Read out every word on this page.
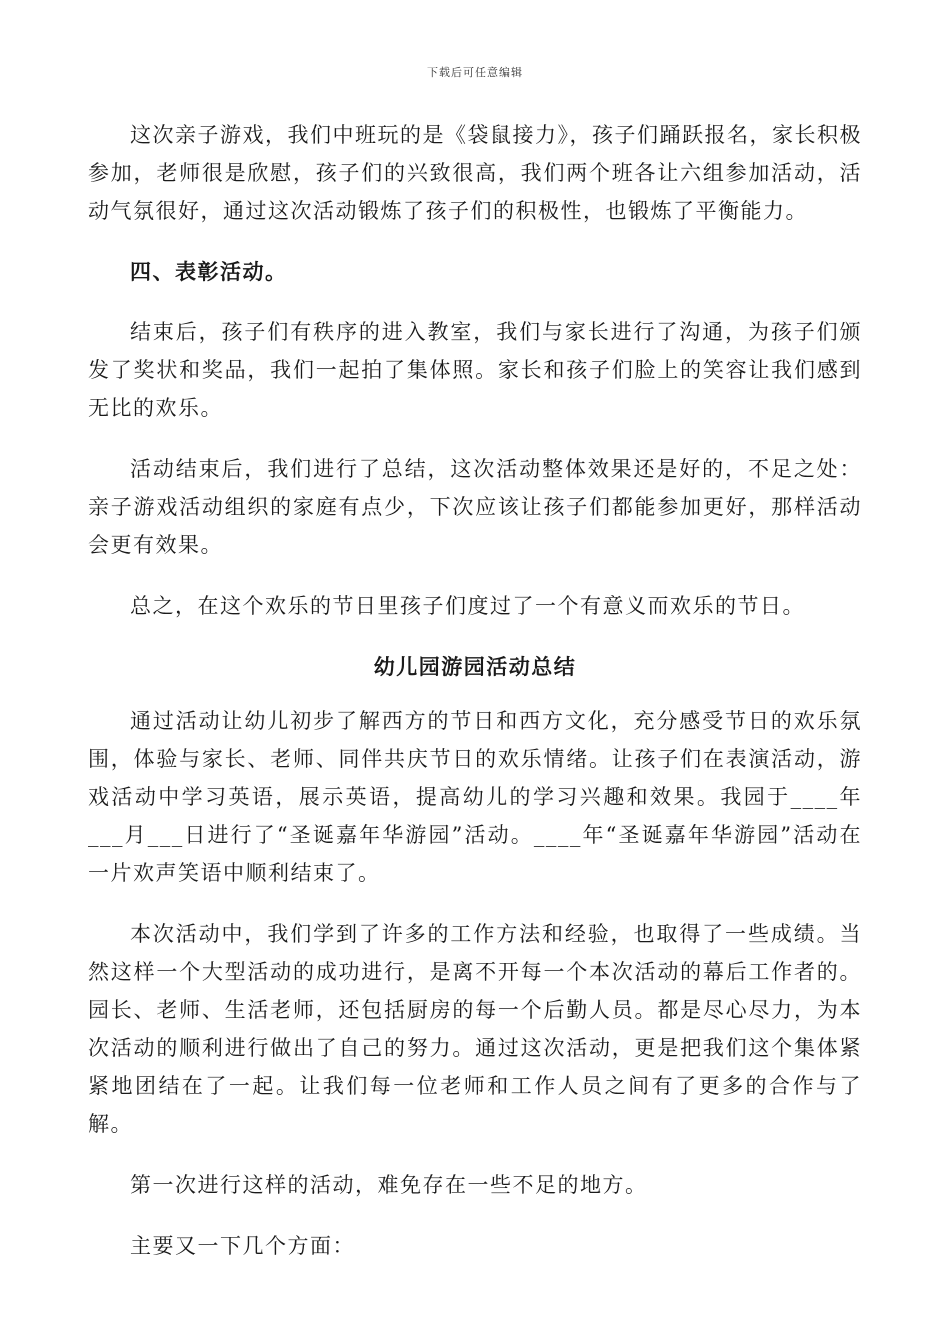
下载后可任意编辑

这次亲子游戏，我们中班玩的是《袋鼠接力》，孩子们踊跃报名，家长积极参加，老师很是欣慰，孩子们的兴致很高，我们两个班各让六组参加活动，活动气氛很好，通过这次活动锻炼了孩子们的积极性，也锻炼了平衡能力。

四、表彰活动。

结束后，孩子们有秩序的进入教室，我们与家长进行了沟通，为孩子们颁发了奖状和奖品，我们一起拍了集体照。家长和孩子们脸上的笑容让我们感到无比的欢乐。

活动结束后，我们进行了总结，这次活动整体效果还是好的，不足之处：亲子游戏活动组织的家庭有点少，下次应该让孩子们都能参加更好，那样活动会更有效果。

总之，在这个欢乐的节日里孩子们度过了一个有意义而欢乐的节日。

幼儿园游园活动总结

通过活动让幼儿初步了解西方的节日和西方文化，充分感受节日的欢乐氛围，体验与家长、老师、同伴共庆节日的欢乐情绪。让孩子们在表演活动，游戏活动中学习英语，展示英语，提高幼儿的学习兴趣和效果。我园于____年___月___日进行了“圣诞嘉年华游园”活动。____年“圣诞嘉年华游园”活动在一片欢声笑语中顺利结束了。

本次活动中，我们学到了许多的工作方法和经验，也取得了一些成绩。当然这样一个大型活动的成功进行，是离不开每一个本次活动的幕后工作者的。园长、老师、生活老师，还包括厨房的每一个后勤人员。都是尽心尽力，为本次活动的顺利进行做出了自己的努力。通过这次活动，更是把我们这个集体紧紧地团结在了一起。让我们每一位老师和工作人员之间有了更多的合作与了解。

第一次进行这样的活动，难免存在一些不足的地方。

主要又一下几个方面：
